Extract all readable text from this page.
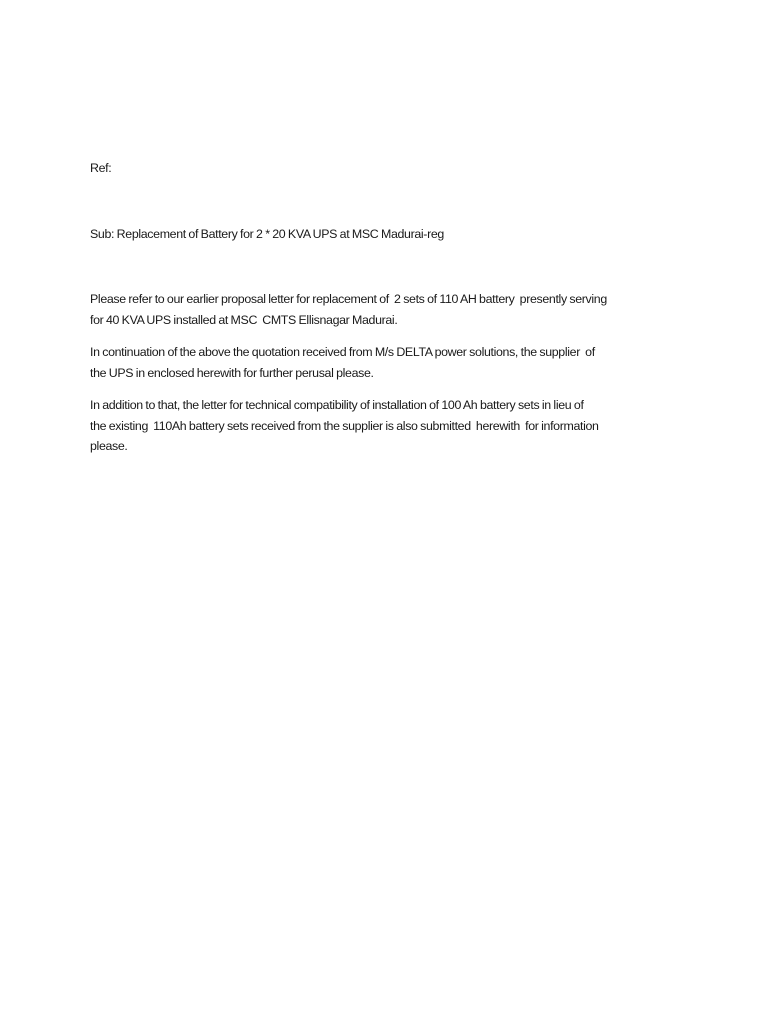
Ref:

Sub: Replacement of Battery for 2 * 20 KVA UPS at MSC Madurai-reg

Please refer to our earlier proposal letter for replacement of  2 sets of 110 AH battery  presently serving
for 40 KVA UPS installed at MSC  CMTS Ellisnagar Madurai.

In continuation of the above the quotation received from M/s DELTA power solutions, the supplier  of
the UPS in enclosed herewith for further perusal please.

In addition to that, the letter for technical compatibility of installation of 100 Ah battery sets in lieu of
the existing  110Ah battery sets received from the supplier is also submitted  herewith  for information
please.
